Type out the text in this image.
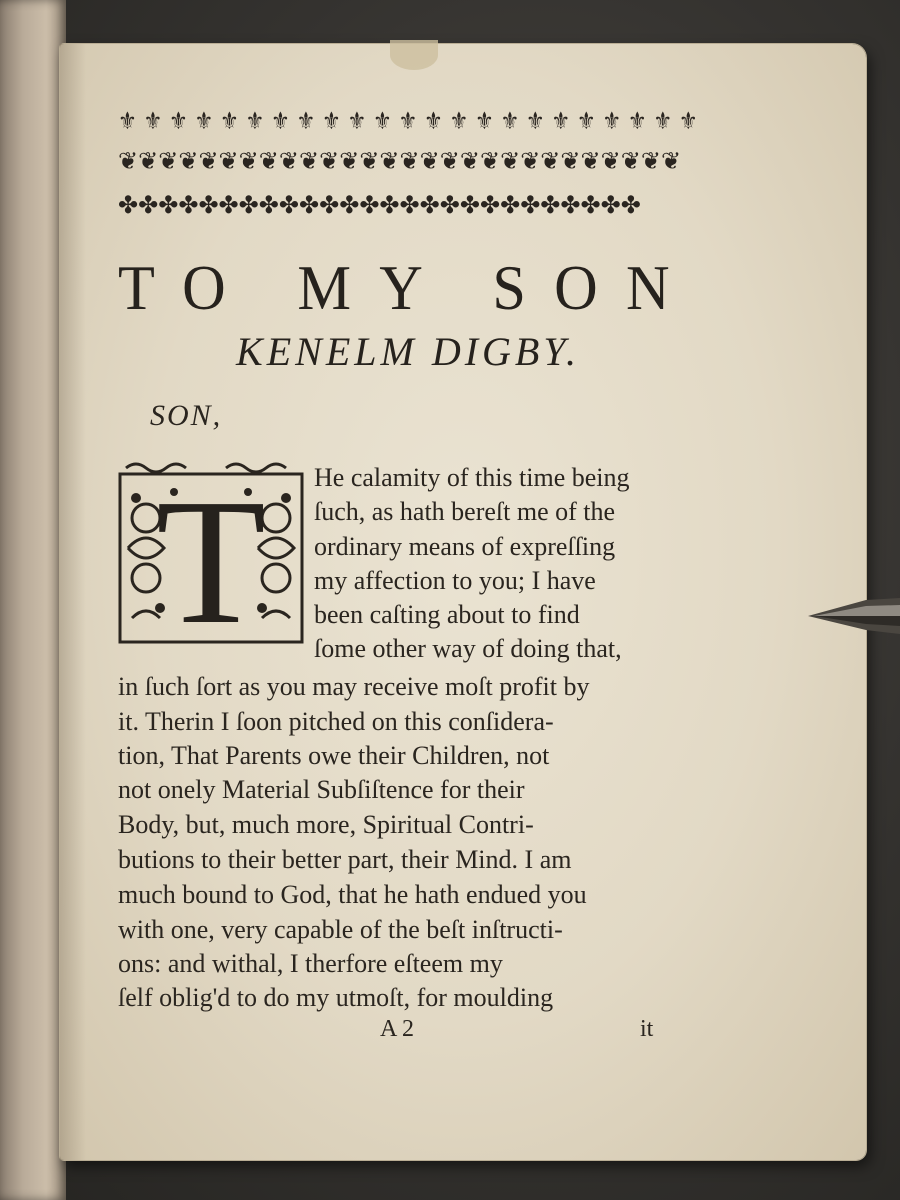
⚜ ⚜ ⚜ ⚜ ⚜ ⚜ ⚜ ⚜ ⚜ ⚜ ⚜ ⚜ ⚜ ⚜ ⚜ ⚜ ⚜ ⚜ ⚜ ⚜ ⚜ ⚜ ⚜
❦❦❦❦❦❦❦❦❦❦❦❦❦❦❦❦❦❦❦❦❦❦❦❦❦❦❦❦
✤✤✤✤✤✤✤✤✤✤✤✤✤✤✤✤✤✤✤✤✤✤✤✤✤✤
TO MY SON
KENELM DIGBY.
SON,
T He calamity of this time being
ſuch, as hath bereſt me of the
ordinary means of expreſſing
my affection to you; I have
been caſting about to find
ſome other way of doing that,
in ſuch ſort as you may receive moſt profit by
it. Therin I ſoon pitched on this conſidera-
tion, That Parents owe their Children, not
not onely Material Subſiſtence for their
Body, but, much more, Spiritual Contri-
butions to their better part, their Mind. I am
much bound to God, that he hath endued you
with one, very capable of the beſt inſtructi-
ons: and withal, I therfore eſteem my
ſelf oblig'd to do my utmoſt, for moulding
A 2	it
